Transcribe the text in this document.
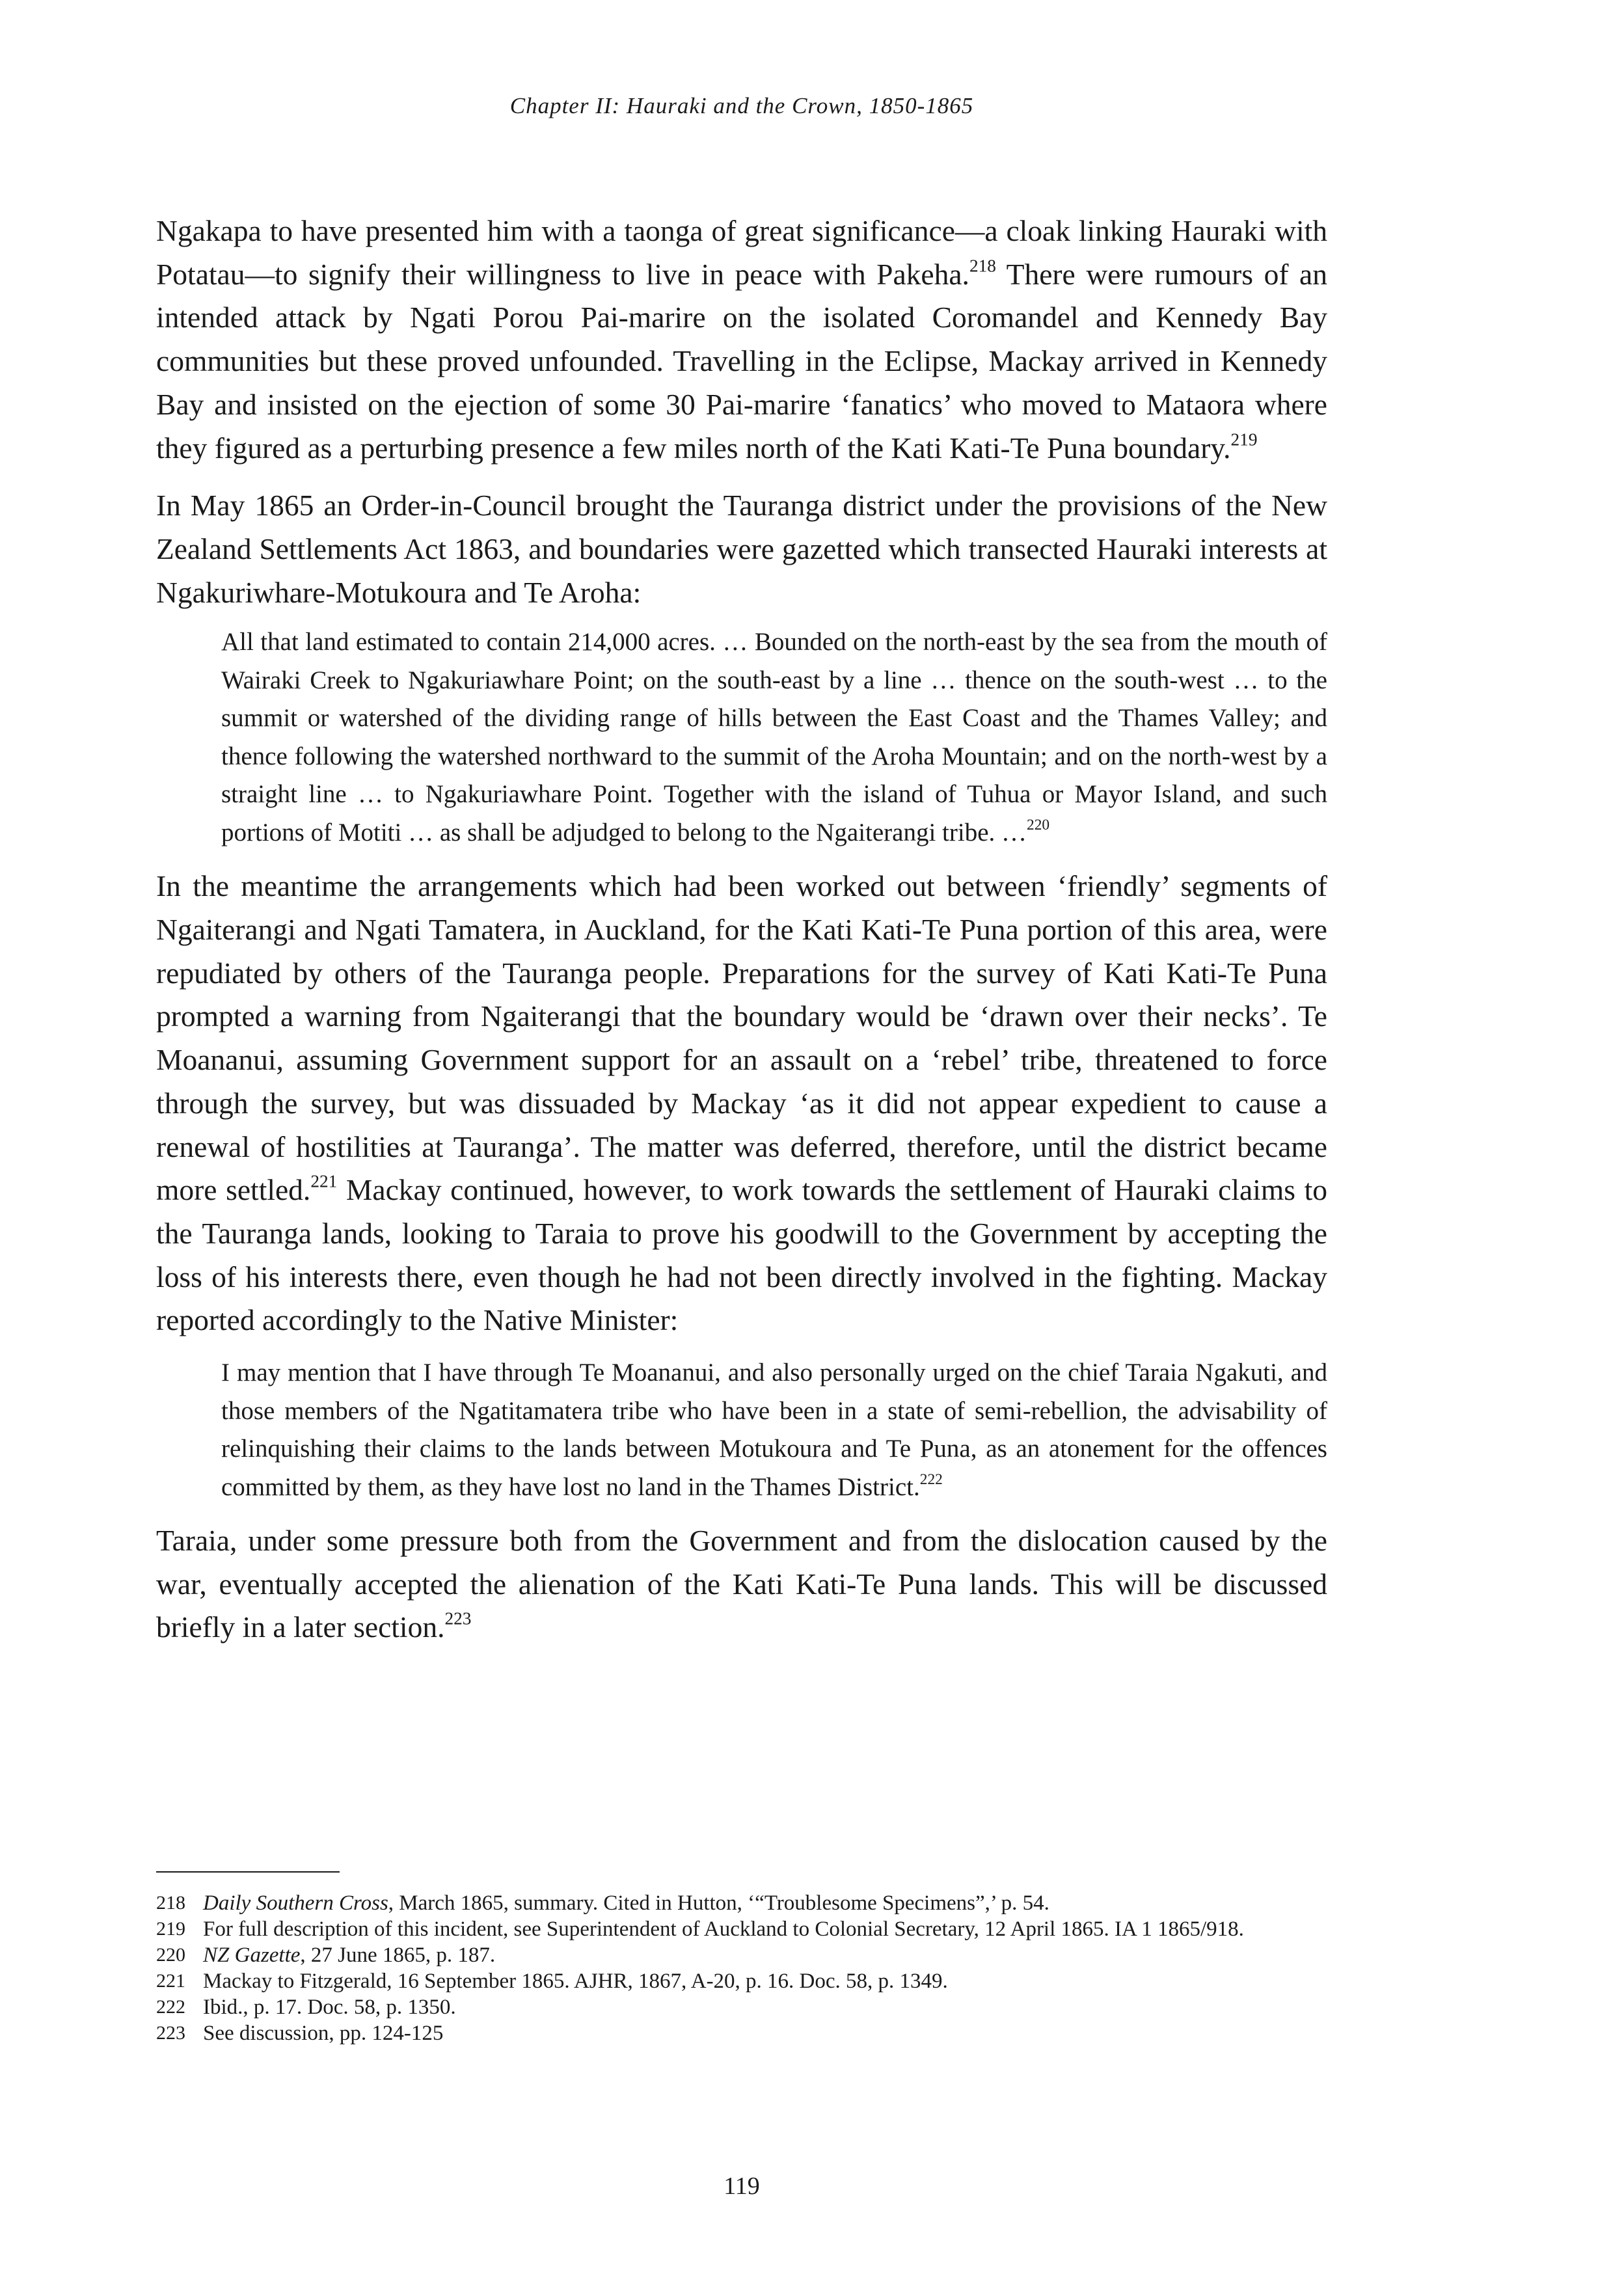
Chapter II: Hauraki and the Crown, 1850-1865

Ngakapa to have presented him with a taonga of great significance—a cloak linking Hauraki with Potatau—to signify their willingness to live in peace with Pakeha.$^{218}$ There were rumours of an intended attack by Ngati Porou Pai-marire on the isolated Coromandel and Kennedy Bay communities but these proved unfounded. Travelling in the Eclipse, Mackay arrived in Kennedy Bay and insisted on the ejection of some 30 Pai-marire ‘fanatics’ who moved to Mataora where they figured as a perturbing presence a few miles north of the Kati Kati-Te Puna boundary.$^{219}$

In May 1865 an Order-in-Council brought the Tauranga district under the provisions of the New Zealand Settlements Act 1863, and boundaries were gazetted which transected Hauraki interests at Ngakuriwhare-Motukoura and Te Aroha:

All that land estimated to contain 214,000 acres. … Bounded on the north-east by the sea from the mouth of Wairaki Creek to Ngakuriawhare Point; on the south-east by a line … thence on the south-west … to the summit or watershed of the dividing range of hills between the East Coast and the Thames Valley; and thence following the watershed northward to the summit of the Aroha Mountain; and on the north-west by a straight line … to Ngakuriawhare Point. Together with the island of Tuhua or Mayor Island, and such portions of Motiti … as shall be adjudged to belong to the Ngaiterangi tribe. …$^{220}$

In the meantime the arrangements which had been worked out between ‘friendly’ segments of Ngaiterangi and Ngati Tamatera, in Auckland, for the Kati Kati-Te Puna portion of this area, were repudiated by others of the Tauranga people. Preparations for the survey of Kati Kati-Te Puna prompted a warning from Ngaiterangi that the boundary would be ‘drawn over their necks’. Te Moananui, assuming Government support for an assault on a ‘rebel’ tribe, threatened to force through the survey, but was dissuaded by Mackay ‘as it did not appear expedient to cause a renewal of hostilities at Tauranga’. The matter was deferred, therefore, until the district became more settled.$^{221}$ Mackay continued, however, to work towards the settlement of Hauraki claims to the Tauranga lands, looking to Taraia to prove his goodwill to the Government by accepting the loss of his interests there, even though he had not been directly involved in the fighting. Mackay reported accordingly to the Native Minister:

I may mention that I have through Te Moananui, and also personally urged on the chief Taraia Ngakuti, and those members of the Ngatitamatera tribe who have been in a state of semi-rebellion, the advisability of relinquishing their claims to the lands between Motukoura and Te Puna, as an atonement for the offences committed by them, as they have lost no land in the Thames District.$^{222}$

Taraia, under some pressure both from the Government and from the dislocation caused by the war, eventually accepted the alienation of the Kati Kati-Te Puna lands. This will be discussed briefly in a later section.$^{223}$

218 Daily Southern Cross, March 1865, summary. Cited in Hutton, ‘“Troublesome Specimens”,’ p. 54.
219 For full description of this incident, see Superintendent of Auckland to Colonial Secretary, 12 April 1865. IA 1 1865/918.
220 NZ Gazette, 27 June 1865, p. 187.
221 Mackay to Fitzgerald, 16 September 1865. AJHR, 1867, A-20, p. 16. Doc. 58, p. 1349.
222 Ibid., p. 17. Doc. 58, p. 1350.
223 See discussion, pp. 124-125
119
